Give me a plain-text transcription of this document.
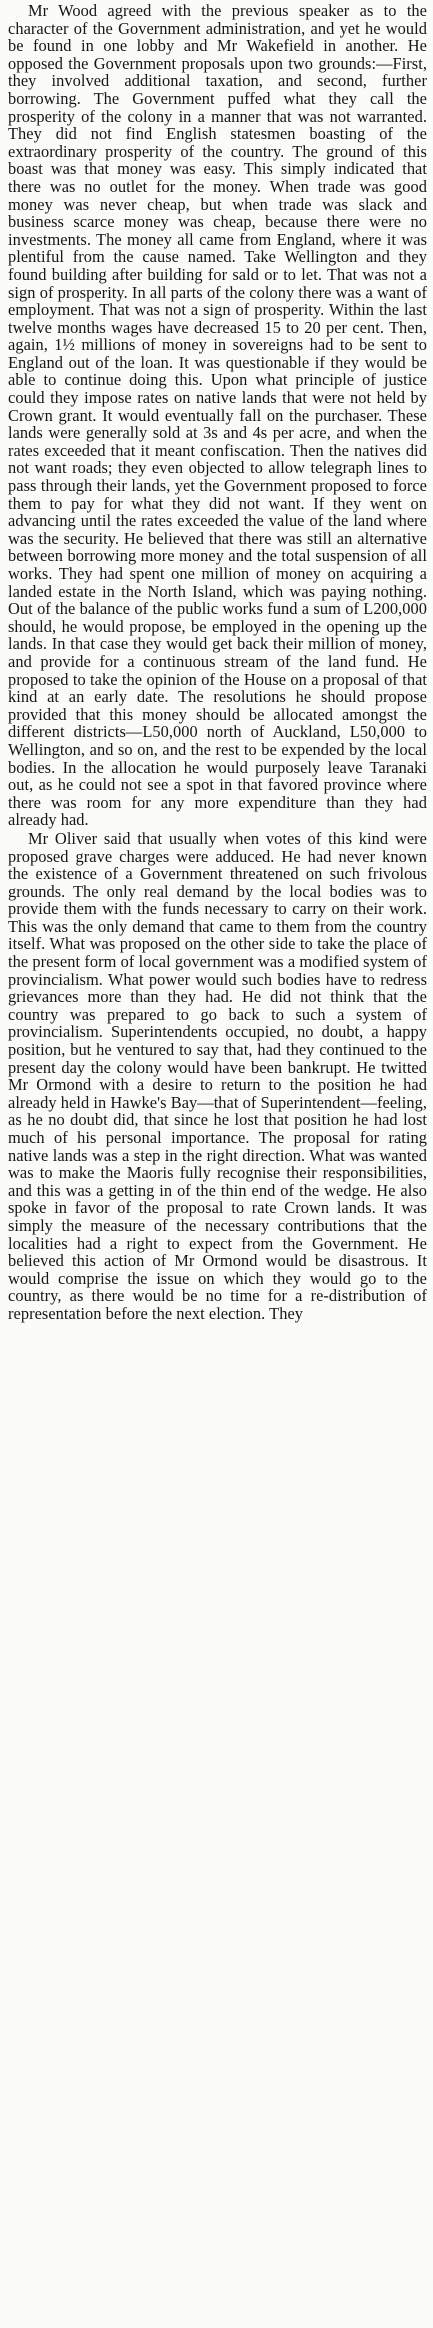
Mr Wood agreed with the previous speaker as to the character of the Government administration, and yet he would be found in one lobby and Mr Wakefield in another. He opposed the Government proposals upon two grounds:—First, they involved additional taxation, and second, further borrowing. The Government puffed what they call the prosperity of the colony in a manner that was not warranted. They did not find English statesmen boasting of the extraordinary prosperity of the country. The ground of this boast was that money was easy. This simply indicated that there was no outlet for the money. When trade was good money was never cheap, but when trade was slack and business scarce money was cheap, because there were no investments. The money all came from England, where it was plentiful from the cause named. Take Wellington and they found building after building for sald or to let. That was not a sign of prosperity. In all parts of the colony there was a want of employment. That was not a sign of prosperity. Within the last twelve months wages have decreased 15 to 20 per cent. Then, again, 1½ millions of money in sovereigns had to be sent to England out of the loan. It was questionable if they would be able to continue doing this. Upon what principle of justice could they impose rates on native lands that were not held by Crown grant. It would eventually fall on the purchaser. These lands were generally sold at 3s and 4s per acre, and when the rates exceeded that it meant confiscation. Then the natives did not want roads; they even objected to allow telegraph lines to pass through their lands, yet the Government proposed to force them to pay for what they did not want. If they went on advancing until the rates exceeded the value of the land where was the security. He believed that there was still an alternative between borrowing more money and the total suspension of all works. They had spent one million of money on acquiring a landed estate in the North Island, which was paying nothing. Out of the balance of the public works fund a sum of L200,000 should, he would propose, be employed in the opening up the lands. In that case they would get back their million of money, and provide for a continuous stream of the land fund. He proposed to take the opinion of the House on a proposal of that kind at an early date. The resolutions he should propose provided that this money should be allocated amongst the different districts—L50,000 north of Auckland, L50,000 to Wellington, and so on, and the rest to be expended by the local bodies. In the allocation he would purposely leave Taranaki out, as he could not see a spot in that favored province where there was room for any more expenditure than they had already had.

Mr Oliver said that usually when votes of this kind were proposed grave charges were adduced. He had never known the existence of a Government threatened on such frivolous grounds. The only real demand by the local bodies was to provide them with the funds necessary to carry on their work. This was the only demand that came to them from the country itself. What was proposed on the other side to take the place of the present form of local government was a modified system of provincialism. What power would such bodies have to redress grievances more than they had. He did not think that the country was prepared to go back to such a system of provincialism. Superintendents occupied, no doubt, a happy position, but he ventured to say that, had they continued to the present day the colony would have been bankrupt. He twitted Mr Ormond with a desire to return to the position he had already held in Hawke's Bay—that of Superintendent—feeling, as he no doubt did, that since he lost that position he had lost much of his personal importance. The proposal for rating native lands was a step in the right direction. What was wanted was to make the Maoris fully recognise their responsibilities, and this was a getting in of the thin end of the wedge. He also spoke in favor of the proposal to rate Crown lands. It was simply the measure of the necessary contributions that the localities had a right to expect from the Government. He believed this action of Mr Ormond would be disastrous. It would comprise the issue on which they would go to the country, as there would be no time for a re-distribution of representation before the next election. They
